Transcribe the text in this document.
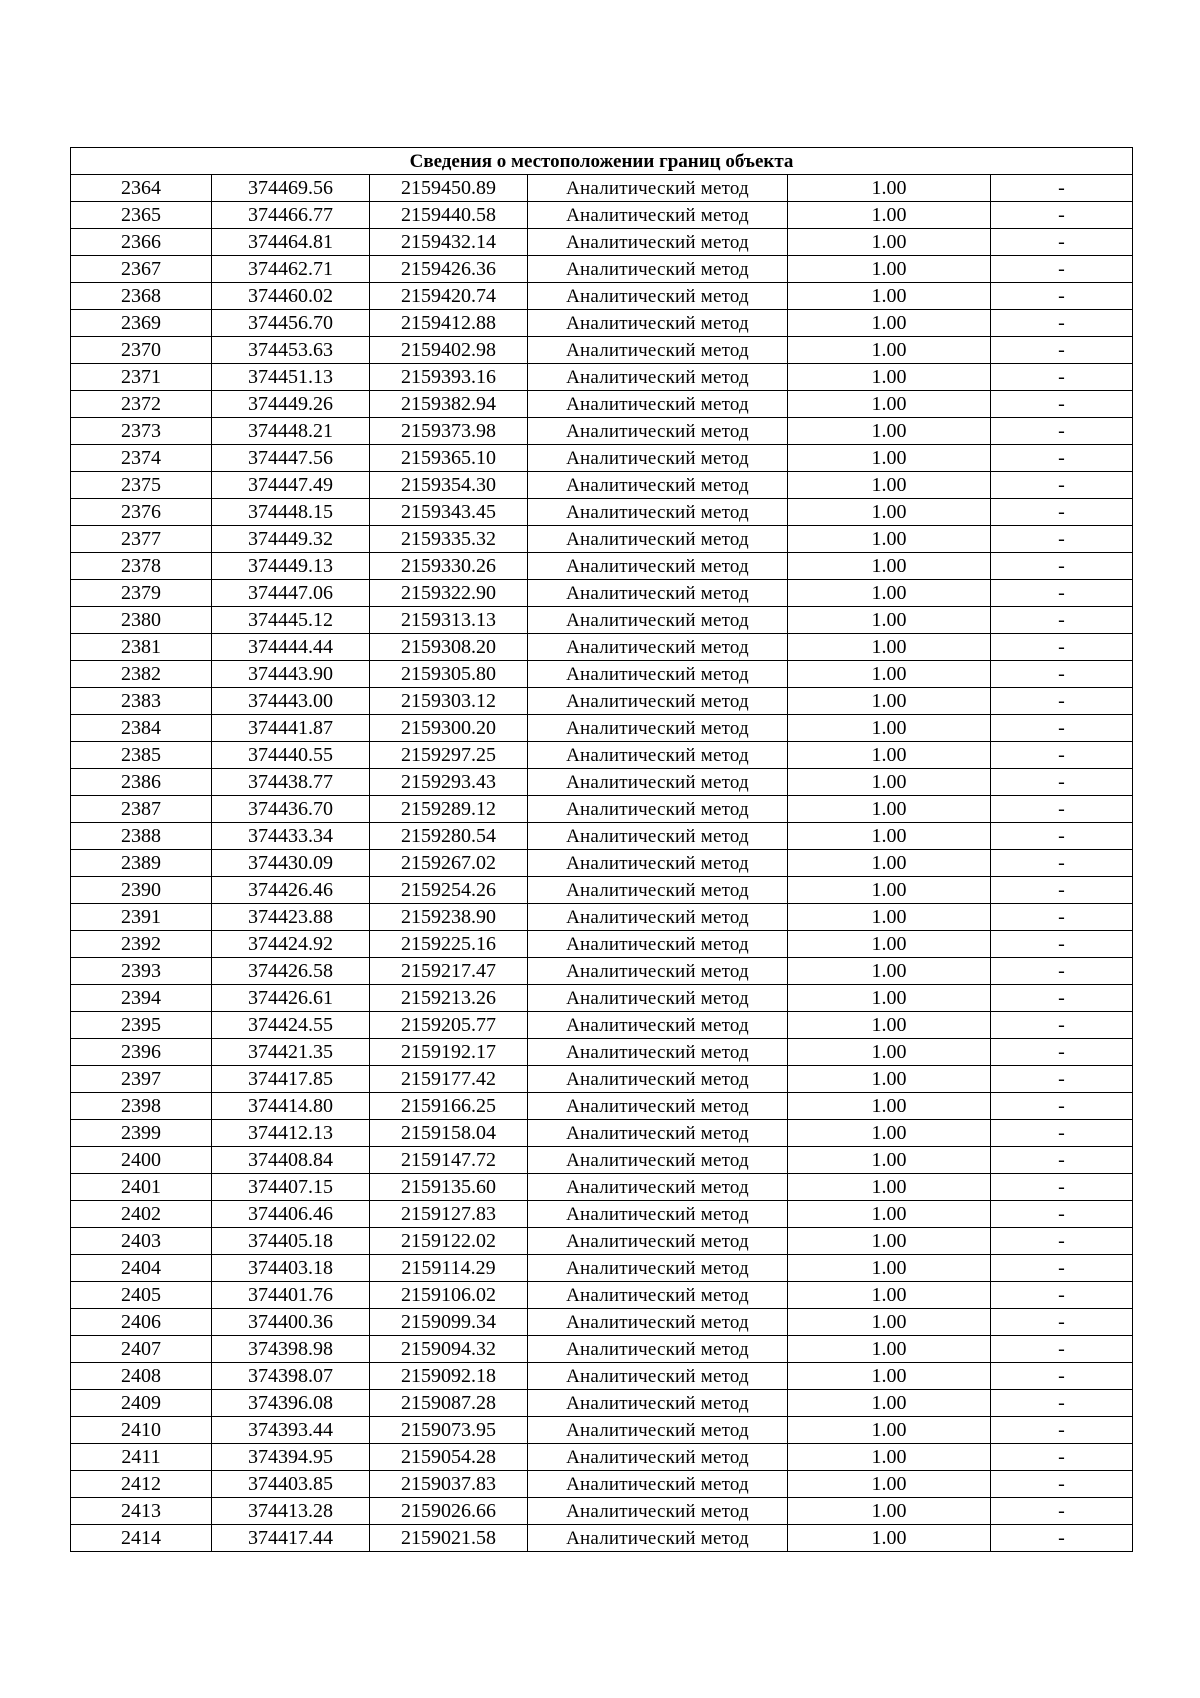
Сведения о местоположении границ объекта					
2364	374469.56	2159450.89	Аналитический метод	1.00	-
2365	374466.77	2159440.58	Аналитический метод	1.00	-
2366	374464.81	2159432.14	Аналитический метод	1.00	-
2367	374462.71	2159426.36	Аналитический метод	1.00	-
2368	374460.02	2159420.74	Аналитический метод	1.00	-
2369	374456.70	2159412.88	Аналитический метод	1.00	-
2370	374453.63	2159402.98	Аналитический метод	1.00	-
2371	374451.13	2159393.16	Аналитический метод	1.00	-
2372	374449.26	2159382.94	Аналитический метод	1.00	-
2373	374448.21	2159373.98	Аналитический метод	1.00	-
2374	374447.56	2159365.10	Аналитический метод	1.00	-
2375	374447.49	2159354.30	Аналитический метод	1.00	-
2376	374448.15	2159343.45	Аналитический метод	1.00	-
2377	374449.32	2159335.32	Аналитический метод	1.00	-
2378	374449.13	2159330.26	Аналитический метод	1.00	-
2379	374447.06	2159322.90	Аналитический метод	1.00	-
2380	374445.12	2159313.13	Аналитический метод	1.00	-
2381	374444.44	2159308.20	Аналитический метод	1.00	-
2382	374443.90	2159305.80	Аналитический метод	1.00	-
2383	374443.00	2159303.12	Аналитический метод	1.00	-
2384	374441.87	2159300.20	Аналитический метод	1.00	-
2385	374440.55	2159297.25	Аналитический метод	1.00	-
2386	374438.77	2159293.43	Аналитический метод	1.00	-
2387	374436.70	2159289.12	Аналитический метод	1.00	-
2388	374433.34	2159280.54	Аналитический метод	1.00	-
2389	374430.09	2159267.02	Аналитический метод	1.00	-
2390	374426.46	2159254.26	Аналитический метод	1.00	-
2391	374423.88	2159238.90	Аналитический метод	1.00	-
2392	374424.92	2159225.16	Аналитический метод	1.00	-
2393	374426.58	2159217.47	Аналитический метод	1.00	-
2394	374426.61	2159213.26	Аналитический метод	1.00	-
2395	374424.55	2159205.77	Аналитический метод	1.00	-
2396	374421.35	2159192.17	Аналитический метод	1.00	-
2397	374417.85	2159177.42	Аналитический метод	1.00	-
2398	374414.80	2159166.25	Аналитический метод	1.00	-
2399	374412.13	2159158.04	Аналитический метод	1.00	-
2400	374408.84	2159147.72	Аналитический метод	1.00	-
2401	374407.15	2159135.60	Аналитический метод	1.00	-
2402	374406.46	2159127.83	Аналитический метод	1.00	-
2403	374405.18	2159122.02	Аналитический метод	1.00	-
2404	374403.18	2159114.29	Аналитический метод	1.00	-
2405	374401.76	2159106.02	Аналитический метод	1.00	-
2406	374400.36	2159099.34	Аналитический метод	1.00	-
2407	374398.98	2159094.32	Аналитический метод	1.00	-
2408	374398.07	2159092.18	Аналитический метод	1.00	-
2409	374396.08	2159087.28	Аналитический метод	1.00	-
2410	374393.44	2159073.95	Аналитический метод	1.00	-
2411	374394.95	2159054.28	Аналитический метод	1.00	-
2412	374403.85	2159037.83	Аналитический метод	1.00	-
2413	374413.28	2159026.66	Аналитический метод	1.00	-
2414	374417.44	2159021.58	Аналитический метод	1.00	-
